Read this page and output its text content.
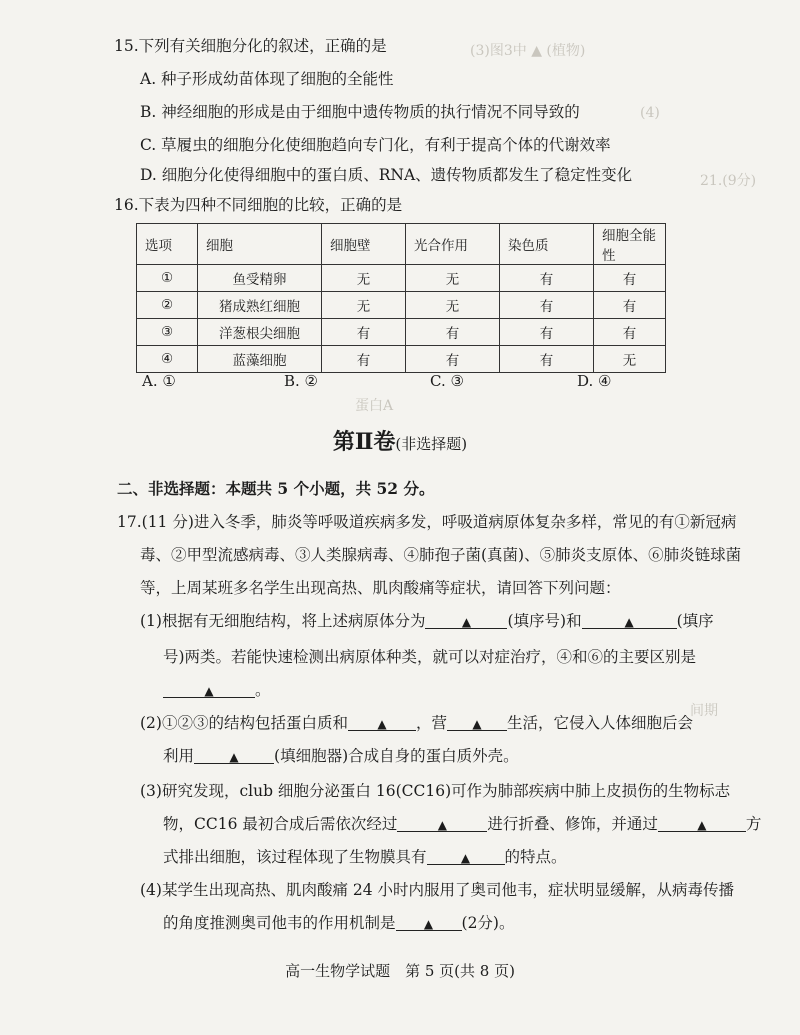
(3)图3中 ▲ (植物)
(4)
21.(9分)
蛋白A
间期
15.下列有关细胞分化的叙述，正确的是
A. 种子形成幼苗体现了细胞的全能性
B. 神经细胞的形成是由于细胞中遗传物质的执行情况不同导致的
C. 草履虫的细胞分化使细胞趋向专门化，有利于提高个体的代谢效率
D. 细胞分化使得细胞中的蛋白质、RNA、遗传物质都发生了稳定性变化
16.下表为四种不同细胞的比较，正确的是
选项	细胞	细胞壁	光合作用	染色质	细胞全能性
①	鱼受精卵	无	无	有	有
②	猪成熟红细胞	无	无	有	有
③	洋葱根尖细胞	有	有	有	有
④	蓝藻细胞	有	有	有	无
A. ①	B. ②	C. ③	D. ④
第Ⅱ卷(非选择题)
二、非选择题：本题共 5 个小题，共 52 分。
17.(11 分)进入冬季，肺炎等呼吸道疾病多发，呼吸道病原体复杂多样，常见的有①新冠病
毒、②甲型流感病毒、③人类腺病毒、④肺孢子菌(真菌)、⑤肺炎支原体、⑥肺炎链球菌
等，上周某班多名学生出现高热、肌肉酸痛等症状，请回答下列问题：
(1)根据有无细胞结构，将上述病原体分为	▲ (填序号)和	▲	(填序
号)两类。若能快速检测出病原体种类，就可以对症治疗，④和⑥的主要区别是
▲	。
(2)①②③的结构包括蛋白质和 ▲ ，营 ▲ 生活，它侵入人体细胞后会
利用	▲ (填细胞器)合成自身的蛋白质外壳。
(3)研究发现，club 细胞分泌蛋白 16(CC16)可作为肺部疾病中肺上皮损伤的生物标志
物，CC16 最初合成后需依次经过	▲	进行折叠、修饰，并通过	▲	方
式排出细胞，该过程体现了生物膜具有	▲ 的特点。
(4)某学生出现高热、肌肉酸痛 24 小时内服用了奥司他韦，症状明显缓解，从病毒传播
的角度推测奥司他韦的作用机制是 ▲ (2分)。
高一生物学试题　第 5 页(共 8 页)
